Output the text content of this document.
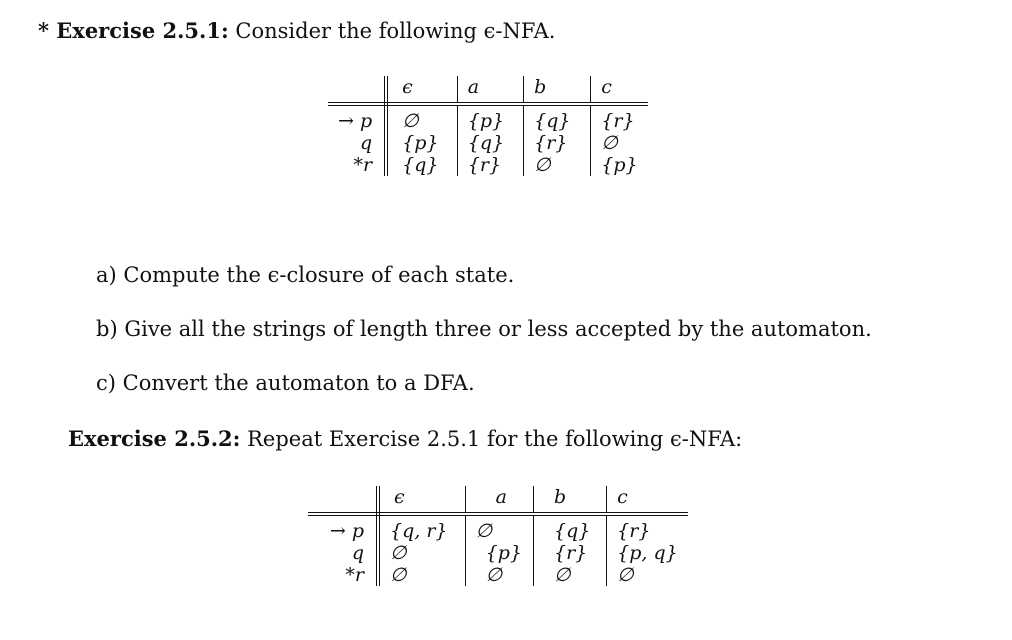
* Exercise 2.5.1: Consider the following ϵ-NFA.
	ϵ	a	b	c
→ p	∅	{p}	{q}	{r}
q	{p}	{q}	{r}	∅
*r	{q}	{r}	∅	{p}
a) Compute the ϵ-closure of each state.
b) Give all the strings of length three or less accepted by the automaton.
c) Convert the automaton to a DFA.
Exercise 2.5.2: Repeat Exercise 2.5.1 for the following ϵ-NFA:
	ϵ	a	b	c
→ p	{q, r}	∅	{q}	{r}
q	∅	{p}	{r}	{p, q}
*r	∅	∅	∅	∅
